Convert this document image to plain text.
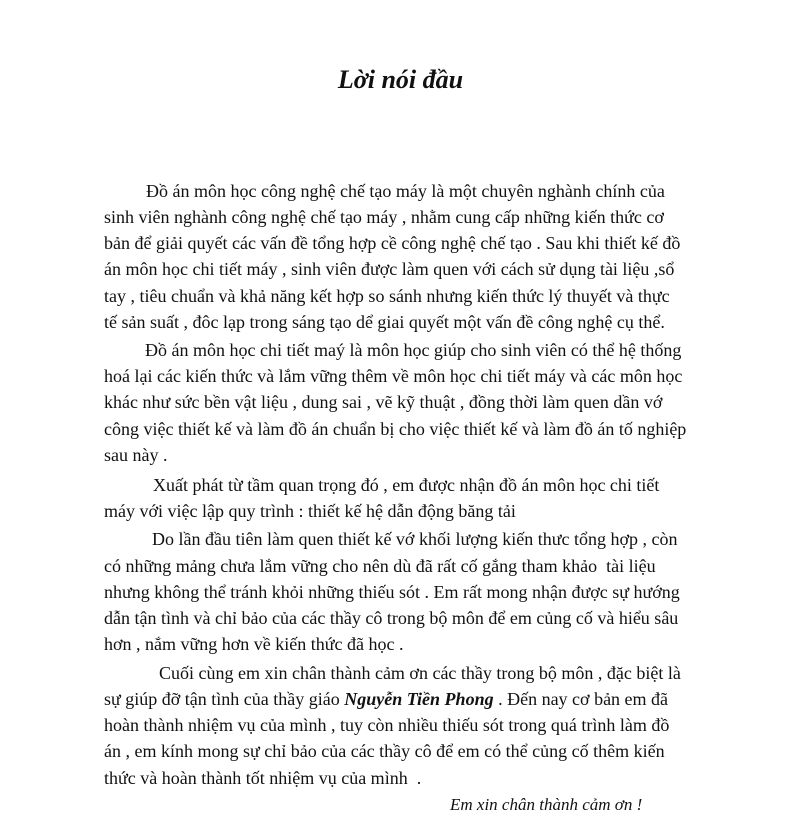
Lời nói đầu
Đồ án môn học công nghệ chế tạo máy là một chuyên nghành chính của
sinh viên nghành công nghệ chế tạo máy , nhằm cung cấp những kiến thức cơ
bản để giải quyết các vấn đề tổng hợp cề công nghệ chế tạo . Sau khi thiết kế đồ
án môn học chi tiết máy , sinh viên được làm quen với cách sử dụng tài liệu ,sổ
tay , tiêu chuẩn và khả năng kết hợp so sánh nhưng kiến thức lý thuyết và thực
tế sản suất , đôc lạp trong sáng tạo dể giai quyết một vấn đề công nghệ cụ thể.
Đồ án môn học chi tiết maý là môn học giúp cho sinh viên có thể hệ thống
hoá lại các kiến thức và lắm vững thêm về môn học chi tiết máy và các môn học
khác như sức bền vật liệu , dung sai , vẽ kỹ thuật , đồng thời làm quen dần vớ
công việc thiết kế và làm đồ án chuẩn bị cho việc thiết kế và làm đồ án tố nghiệp
sau này .
Xuất phát từ tầm quan trọng đó , em được nhận đồ án môn học chi tiết
máy với việc lập quy trình : thiết kế hệ dẫn động băng tải
Do lần đầu tiên làm quen thiết kế vớ khối lượng kiến thưc tổng hợp , còn
có những mảng chưa lắm vững cho nên dù đã rất cố gắng tham khảo  tài liệu
nhưng không thể tránh khỏi những thiếu sót . Em rất mong nhận được sự hướng
dẫn tận tình và chỉ bảo của các thầy cô trong bộ môn để em củng cố và hiểu sâu
hơn , nắm vững hơn về kiến thức đã học .
Cuối cùng em xin chân thành cảm ơn các thầy trong bộ môn , đặc biệt là
sự giúp đỡ tận tình của thầy giáo Nguyễn Tiền Phong . Đến nay cơ bản em đã
hoàn thành nhiệm vụ của mình , tuy còn nhiều thiếu sót trong quá trình làm đồ
án , em kính mong sự chỉ bảo của các thầy cô để em có thể củng cố thêm kiến
thức và hoàn thành tốt nhiệm vụ của mình  .
Em xin chân thành cảm ơn !
